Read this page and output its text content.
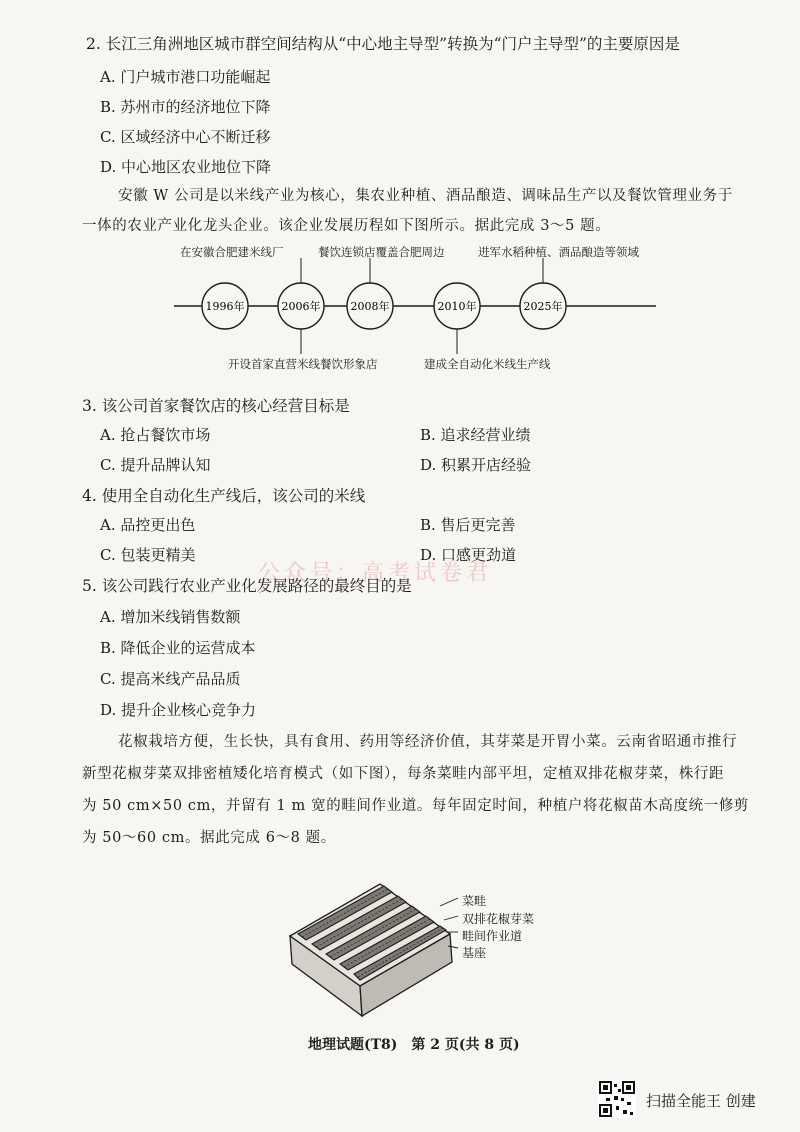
2. 长江三角洲地区城市群空间结构从“中心地主导型”转换为“门户主导型”的主要原因是
A. 门户城市港口功能崛起
B. 苏州市的经济地位下降
C. 区域经济中心不断迁移
D. 中心地区农业地位下降
安徽 W 公司是以米线产业为核心，集农业种植、酒品酿造、调味品生产以及餐饮管理业务于
一体的农业产业化龙头企业。该企业发展历程如下图所示。据此完成 3～5 题。
1996年	2006年	2008年	2010年	2025年
在安徽合肥建米线厂	餐饮连锁店覆盖合肥周边	进军水稻种植、酒品酿造等领域
开设首家直营米线餐饮形象店	建成全自动化米线生产线
3. 该公司首家餐饮店的核心经营目标是
A. 抢占餐饮市场	B. 追求经营业绩
C. 提升品牌认知	D. 积累开店经验
4. 使用全自动化生产线后，该公司的米线
A. 品控更出色	B. 售后更完善
C. 包装更精美	D. 口感更劲道
公众号：高考试卷君
5. 该公司践行农业产业化发展路径的最终目的是
A. 增加米线销售数额
B. 降低企业的运营成本
C. 提高米线产品品质
D. 提升企业核心竞争力
花椒栽培方便，生长快，具有食用、药用等经济价值，其芽菜是开胃小菜。云南省昭通市推行
新型花椒芽菜双排密植矮化培育模式（如下图），每条菜畦内部平坦，定植双排花椒芽菜，株行距
为 50 cm×50 cm，并留有 1 m 宽的畦间作业道。每年固定时间，种植户将花椒苗木高度统一修剪
为 50～60 cm。据此完成 6～8 题。
菜畦
双排花椒芽菜
畦间作业道
基座
地理试题(T8)　第 2 页(共 8 页)
扫描全能王 创建
